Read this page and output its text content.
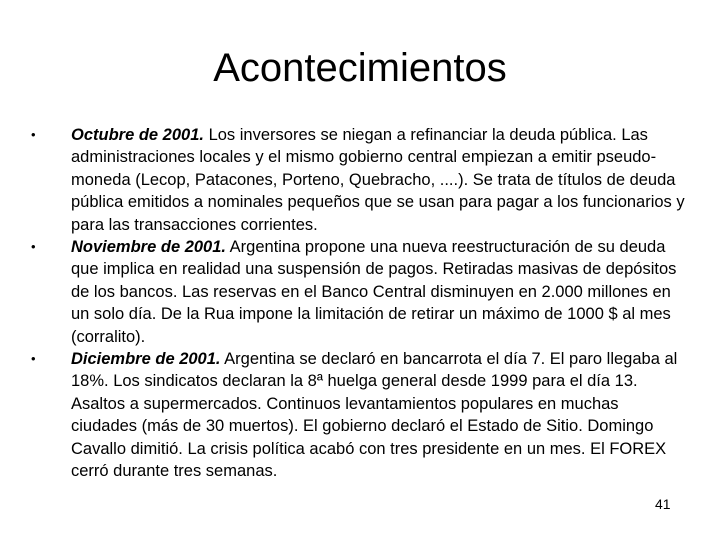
Acontecimientos
• Octubre de 2001. Los inversores se niegan a refinanciar la deuda pública. Las administraciones locales y el mismo gobierno central empiezan a emitir pseudo-moneda (Lecop, Patacones, Porteno, Quebracho, ....). Se trata de títulos de deuda pública emitidos a nominales pequeños que se usan para pagar a los funcionarios y para las transacciones corrientes.
• Noviembre de 2001. Argentina propone una nueva reestructuración de su deuda que implica en realidad una suspensión de pagos. Retiradas masivas de depósitos de los bancos. Las reservas en el Banco Central disminuyen en 2.000 millones en un solo día. De la Rua impone la limitación de retirar un máximo de 1000 $ al mes (corralito).
• Diciembre de 2001. Argentina se declaró en bancarrota el día 7. El paro llegaba al 18%. Los sindicatos declaran la 8ª huelga general desde 1999 para el día 13. Asaltos a supermercados. Continuos levantamientos populares en muchas ciudades (más de 30 muertos). El gobierno declaró el Estado de Sitio. Domingo Cavallo dimitió. La crisis política acabó con tres presidente en un mes. El FOREX cerró durante tres semanas.
41
